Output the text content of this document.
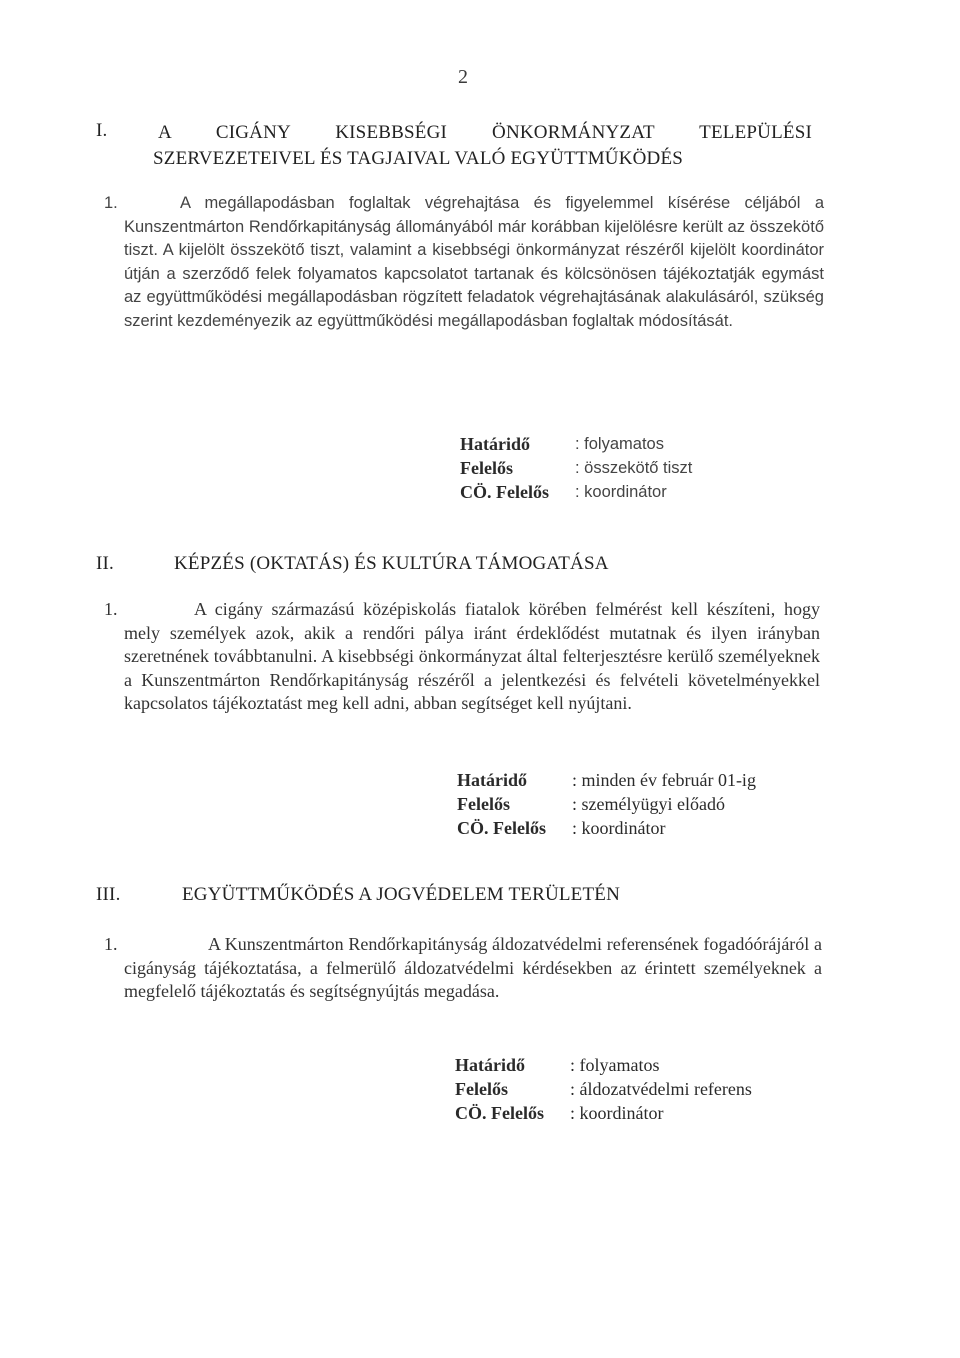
2
I.	A CIGÁNY KISEBBSÉGI ÖNKORMÁNYZAT TELEPÜLÉSI
SZERVEZETEIVEL ÉS TAGJAIVAL VALÓ EGYÜTTMŰKÖDÉS
1.	A megállapodásban foglaltak végrehajtása és figyelemmel kísérése céljából a Kunszentmárton Rendőrkapitányság állományából már korábban kijelölésre került az összekötő tiszt. A kijelölt összekötő tiszt, valamint a kisebbségi önkormányzat részéről kijelölt koordinátor útján a szerződő felek folyamatos kapcsolatot tartanak és kölcsönösen tájékoztatják egymást az együttműködési megállapodásban rögzített feladatok végrehajtásának alakulásáról, szükség szerint kezdeményezik az együttműködési megállapodásban foglaltak módosítását.
Határidő	: folyamatos
Felelős	: összekötő tiszt
CÖ. Felelős	: koordinátor
II.	KÉPZÉS (OKTATÁS) ÉS KULTÚRA TÁMOGATÁSA
1.	A cigány származású középiskolás fiatalok körében felmérést kell készíteni, hogy mely személyek azok, akik a rendőri pálya iránt érdeklődést mutatnak és ilyen irányban szeretnének továbbtanulni. A kisebbségi önkormányzat által felterjesztésre kerülő személyeknek a Kunszentmárton Rendőrkapitányság részéről a jelentkezési és felvételi követelményekkel kapcsolatos tájékoztatást meg kell adni, abban segítséget kell nyújtani.
Határidő	: minden év február 01-ig
Felelős	: személyügyi előadó
CÖ. Felelős	: koordinátor
III.	EGYÜTTMŰKÖDÉS A JOGVÉDELEM TERÜLETÉN
1.	A Kunszentmárton Rendőrkapitányság áldozatvédelmi referensének fogadóórájáról a cigányság tájékoztatása, a felmerülő áldozatvédelmi kérdésekben az érintett személyeknek a megfelelő tájékoztatás és segítségnyújtás megadása.
Határidő	: folyamatos
Felelős	: áldozatvédelmi referens
CÖ. Felelős	: koordinátor
